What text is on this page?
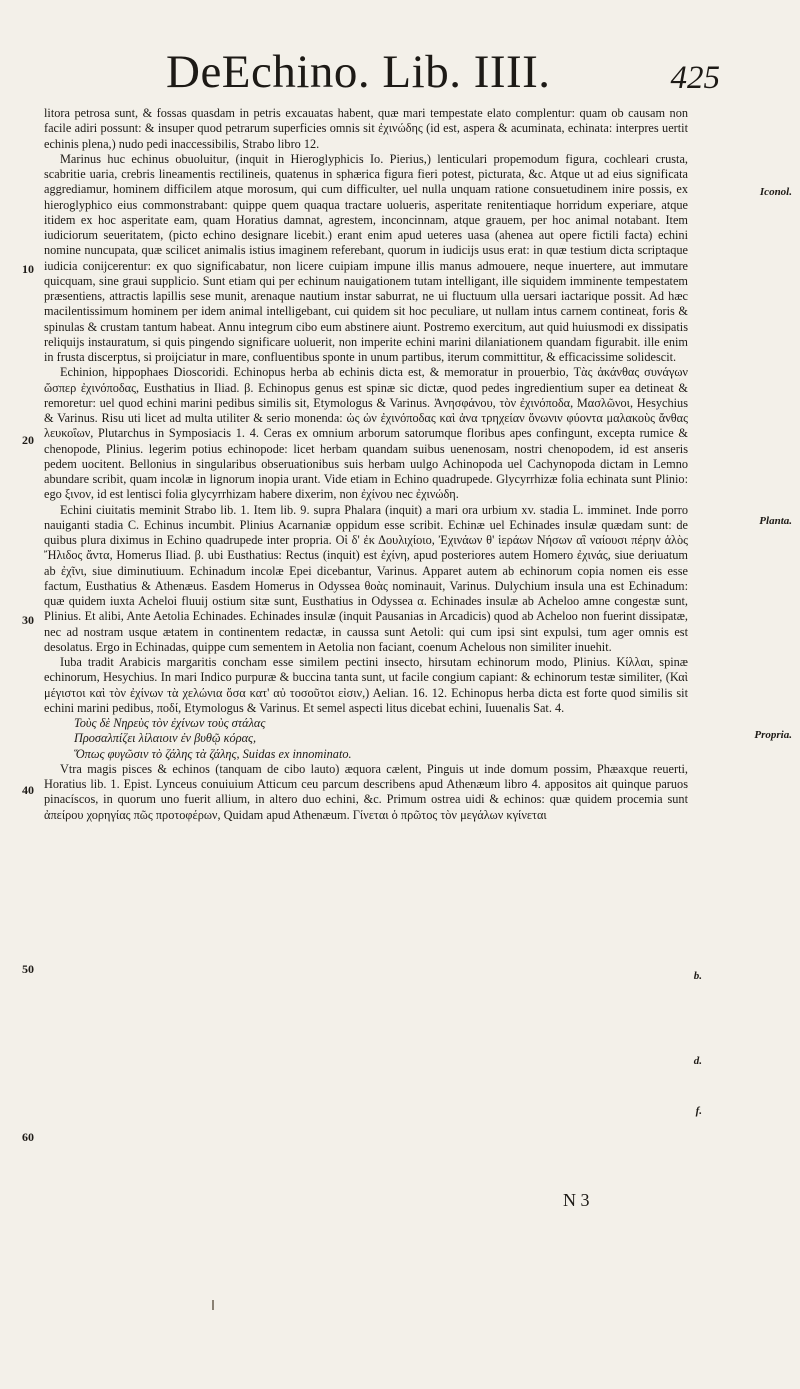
DeEchino. Lib. IIII.	425

litora petrosa sunt, & fossas quasdam in petris excauatas habent, quæ mari tempestate elato complentur: quam ob causam non facile adiri possunt: & insuper quod petrarum superficies omnis sit ἐχινώδης (id est, aspera & acuminata, echinata: interpres uertit echinis plena,) nudo pedi inaccessibilis, Strabo libro 12.

Marinus huc echinus obuoluitur, (inquit in Hieroglyphicis Io. Pierius,) lenticulari propemodum figura, cochleari crusta, scabritie uaria, crebris lineamentis rectilineis, quatenus in sphærica figura fieri potest, picturata, &c. Atque ut ad eius significata aggrediamur, hominem difficilem atque morosum, qui cum difficulter, uel nulla unquam ratione consuetudinem inire possis, ex hieroglyphico eius commonstrabant: quippe quem quaqua tractare uolueris, asperitate renitentiaque horridum experiare, atque itidem ex hoc asperitate eam, quam Horatius damnat, agrestem, inconcinnam, atque grauem, per hoc animal notabant. Item iudiciorum seueritatem, (picto echino designare licebit.) erant enim apud ueteres uasa (ahenea aut opere fictili facta) echini nomine nuncupata, quæ scilicet animalis istius imaginem referebant, quorum in iudicijs usus erat: in quæ testium dicta scriptaque iudicia conijcerentur: ex quo significabatur, non licere cuipiam impune illis manus admouere, neque inuertere, aut immutare quicquam, sine graui supplicio. Sunt etiam qui per echinum nauigationem tutam intelligant, ille siquidem imminente tempestatem præsentiens, attractis lapillis sese munit, arenaque nautium instar saburrat, ne ui fluctuum ulla uersari iactarique possit. Ad hæc macilentissimum hominem per idem animal intelligebant, cui quidem sit hoc peculiare, ut nullam intus carnem contineat, foris & spinulas & crustam tantum habeat. Annu integrum cibo eum abstinere aiunt. Postremo exercitum, aut quid huiusmodi ex dissipatis reliquijs instauratum, si quis pingendo significare uoluerit, non imperite echini marini dilaniationem quandam figurabit. ille enim in frusta discerptus, si proijciatur in mare, confluentibus sponte in unum partibus, iterum committitur, & efficacissime solidescit.

Echinion, hippophaes Dioscoridi. Echinopus herba ab echinis dicta est, & memoratur in prouerbio, Τὰς ἀκάνθας συνάγων ὥσπερ ἐχινόποδας, Eusthatius in Iliad. β. Echinopus genus est spinæ sic dictæ, quod pedes ingredientium super ea detineat & remoretur: uel quod echini marini pedibus similis sit, Etymologus & Varinus. Ἀνησφάνου, τὸν ἐχινόποδα, Μασλῶνοι, Hesychius & Varinus. Risu uti licet ad multa utiliter & serio monenda: ὡς ὡν ἐχινόποδας καὶ ἀνα τρηχείαν ὄνωνιν φύοντα μαλακοὺς ἄνθας λευκοΐων, Plutarchus in Symposiacis 1. 4. Ceras ex omnium arborum satorumque floribus apes confingunt, excepta rumice & chenopode, Plinius. legerim potius echinopode: licet herbam quandam suibus uenenosam, nostri chenopodem, id est anseris pedem uocitent. Bellonius in singularibus obseruationibus suis herbam uulgo Achinopoda uel Cachynopoda dictam in Lemno abundare scribit, quam incolæ in lignorum inopia urant. Vide etiam in Echino quadrupede. Glycyrrhizæ folia echinata sunt Plinio: ego ξινον, id est lentisci folia glycyrrhizam habere dixerim, non ἐχίνου nec ἐχινώδη.

Echini ciuitatis meminit Strabo lib. 1. Item lib. 9. supra Phalara (inquit) a mari ora urbium xv. stadia L. imminet. Inde porro nauiganti stadia C. Echinus incumbit. Plinius Acarnaniæ oppidum esse scribit. Echinæ uel Echinades insulæ quædam sunt: de quibus plura diximus in Echino quadrupede inter propria. Οἱ δ' ἐκ Δουλιχίοιο, Ἐχινάων θ' ἱεράων Νήσων αἳ ναίουσι πέρην ἁλὸς Ἤλιδος ἄντα, Homerus Iliad. β. ubi Eusthatius: Rectus (inquit) est ἐχίνη, apud posteriores autem Homero ἐχινάς, siue deriuatum ab ἐχῖνι, siue diminutiuum. Echinadum incolæ Epei dicebantur, Varinus. Apparet autem ab echinorum copia nomen eis esse factum, Eusthatius & Athenæus. Easdem Homerus in Odyssea θοὰς nominauit, Varinus. Dulychium insula una est Echinadum: quæ quidem iuxta Acheloi fluuij ostium sitæ sunt, Eusthatius in Odyssea α. Echinades insulæ ab Acheloo amne congestæ sunt, Plinius. Et alibi, Ante Aetolia Echinades. Echinades insulæ (inquit Pausanias in Arcadicis) quod ab Acheloo non fuerint dissipatæ, nec ad nostram usque ætatem in continentem redactæ, in caussa sunt Aetoli: qui cum ipsi sint expulsi, tum ager omnis est desolatus. Ergo in Echinadas, quippe cum sementem in Aetolia non faciant, coenum Achelous non similiter inuehit.

Iuba tradit Arabicis margaritis concham esse similem pectini insecto, hirsutam echinorum modo, Plinius. Κίλλαι, spinæ echinorum, Hesychius. In mari Indico purpuræ & buccina tanta sunt, ut facile congium capiant: & echinorum testæ similiter, (Καὶ μέγιστοι καὶ τὸν ἐχίνων τὰ χελώνια ὅσα κατ' αὐ τοσοῦτοι εἰσιν,) Aelian. 16. 12. Echinopus herba dicta est forte quod similis sit echini marini pedibus, ποδί, Etymologus & Varinus. Et semel aspecti litus dicebat echini, Iuuenalis Sat. 4.

Τοὺς δὲ Νηρεὺς τὸν ἐχίνων τοὺς στάλας

Προσαλπίζει λίλαιοιν ἐν βυθῷ κόρας,

Ὅπως φυγῶσιν τὸ ζάλης τὰ ζάλης, Suidas ex innominato.

Vtra magis pisces & echinos (tanquam de cibo lauto) æquora cælent, Pinguis ut inde domum possim, Phæaxque reuerti, Horatius lib. 1. Epist. Lynceus conuiuium Atticum ceu parcum describens apud Athenæum libro 4. appositos ait quinque paruos pinacíscos, in quorum uno fuerit allium, in altero duo echini, &c. Primum ostrea uidi & echinos: quæ quidem procemia sunt ἀπείρου χορηγίας πῶς προτοφέρων, Quidam apud Athenæum. Γίνεται ὁ πρῶτος τὸν μεγάλων κγίνεται

10
20
30
40
50
60
Iconol.
Planta.
Propria.
b.
d.
f.
N 3
